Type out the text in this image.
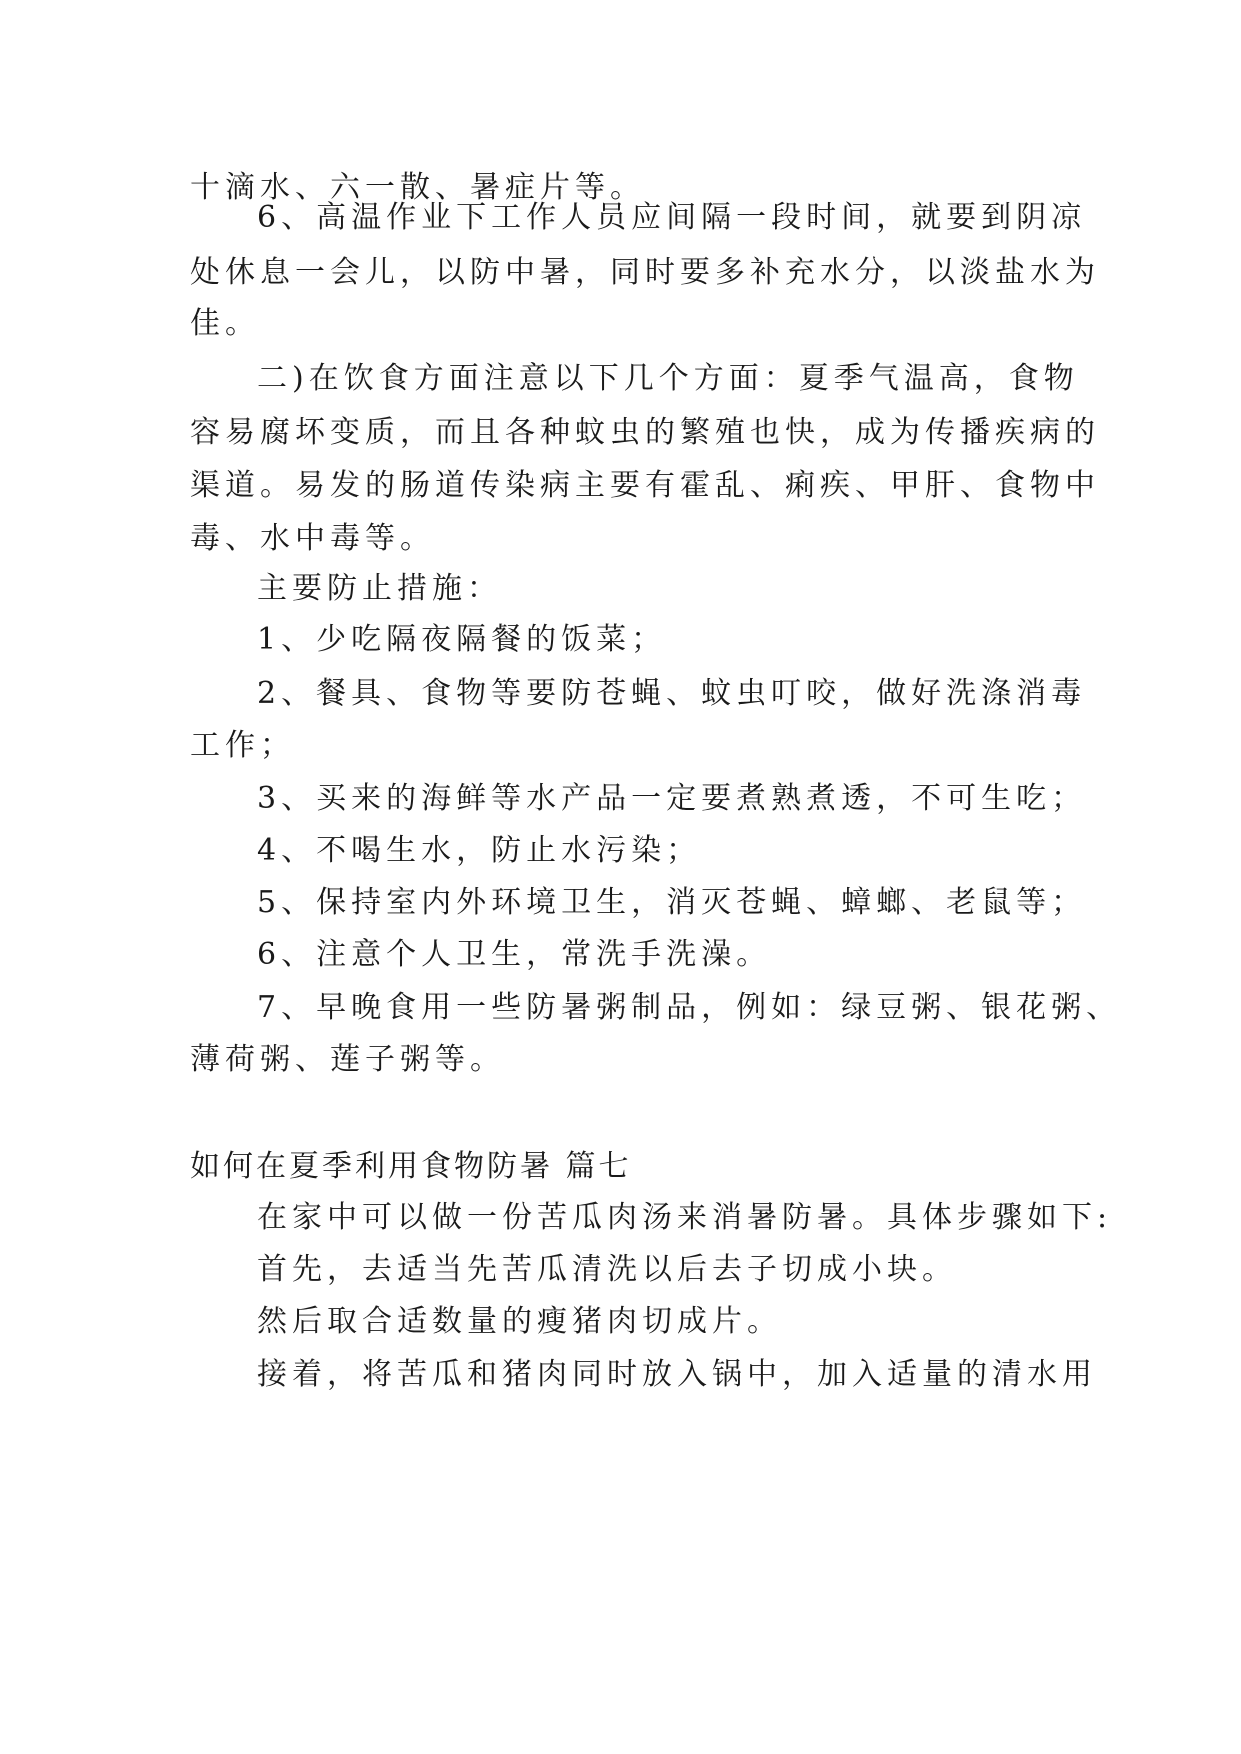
十滴水、六一散、暑症片等。

6、高温作业下工作人员应间隔一段时间，就要到阴凉

处休息一会儿，以防中暑，同时要多补充水分，以淡盐水为

佳。

二)在饮食方面注意以下几个方面：夏季气温高，食物

容易腐坏变质，而且各种蚊虫的繁殖也快，成为传播疾病的

渠道。易发的肠道传染病主要有霍乱、痢疾、甲肝、食物中

毒、水中毒等。

主要防止措施：

1、少吃隔夜隔餐的饭菜；

2、餐具、食物等要防苍蝇、蚊虫叮咬，做好洗涤消毒

工作；

3、买来的海鲜等水产品一定要煮熟煮透，不可生吃；

4、不喝生水，防止水污染；

5、保持室内外环境卫生，消灭苍蝇、蟑螂、老鼠等；

6、注意个人卫生，常洗手洗澡。

7、早晚食用一些防暑粥制品，例如：绿豆粥、银花粥、

薄荷粥、莲子粥等。

如何在夏季利用食物防暑 篇七

在家中可以做一份苦瓜肉汤来消暑防暑。具体步骤如下:

首先，去适当先苦瓜清洗以后去子切成小块。

然后取合适数量的瘦猪肉切成片。

接着，将苦瓜和猪肉同时放入锅中，加入适量的清水用
